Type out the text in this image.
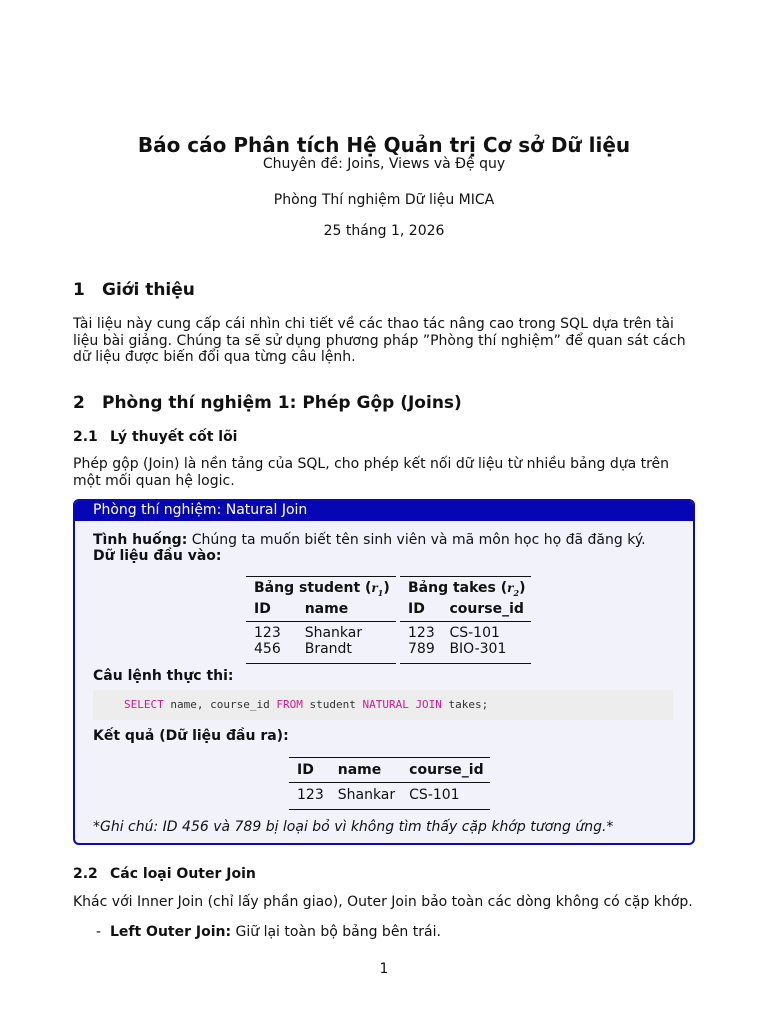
Báo cáo Phân tích Hệ Quản trị Cơ sở Dữ liệu
Chuyên đề: Joins, Views và Đệ quy
Phòng Thí nghiệm Dữ liệu MICA
25 tháng 1, 2026
1 Giới thiệu
Tài liệu này cung cấp cái nhìn chi tiết về các thao tác nâng cao trong SQL dựa trên tài liệu bài giảng. Chúng ta sẽ sử dụng phương pháp ”Phòng thí nghiệm” để quan sát cách dữ liệu được biến đổi qua từng câu lệnh.
2 Phòng thí nghiệm 1: Phép Gộp (Joins)
2.1 Lý thuyết cốt lõi
Phép gộp (Join) là nền tảng của SQL, cho phép kết nối dữ liệu từ nhiều bảng dựa trên một mối quan hệ logic.
Phòng thí nghiệm: Natural Join
Tình huống: Chúng ta muốn biết tên sinh viên và mã môn học họ đã đăng ký.
Dữ liệu đầu vào:
Bảng student $(r_1)$	
ID	name
123	Shankar
456	Brandt
Bảng takes $(r_2)$	
ID	course_id
123	CS-101
789	BIO-301
Câu lệnh thực thi:
SELECT name, course_id FROM student NATURAL JOIN takes;
Kết quả (Dữ liệu đầu ra):
ID	name	course_id
123	Shankar	CS-101
*Ghi chú: ID 456 và 789 bị loại bỏ vì không tìm thấy cặp khớp tương ứng.*
2.2 Các loại Outer Join
Khác với Inner Join (chỉ lấy phần giao), Outer Join bảo toàn các dòng không có cặp khớp.
- Left Outer Join: Giữ lại toàn bộ bảng bên trái.
1
